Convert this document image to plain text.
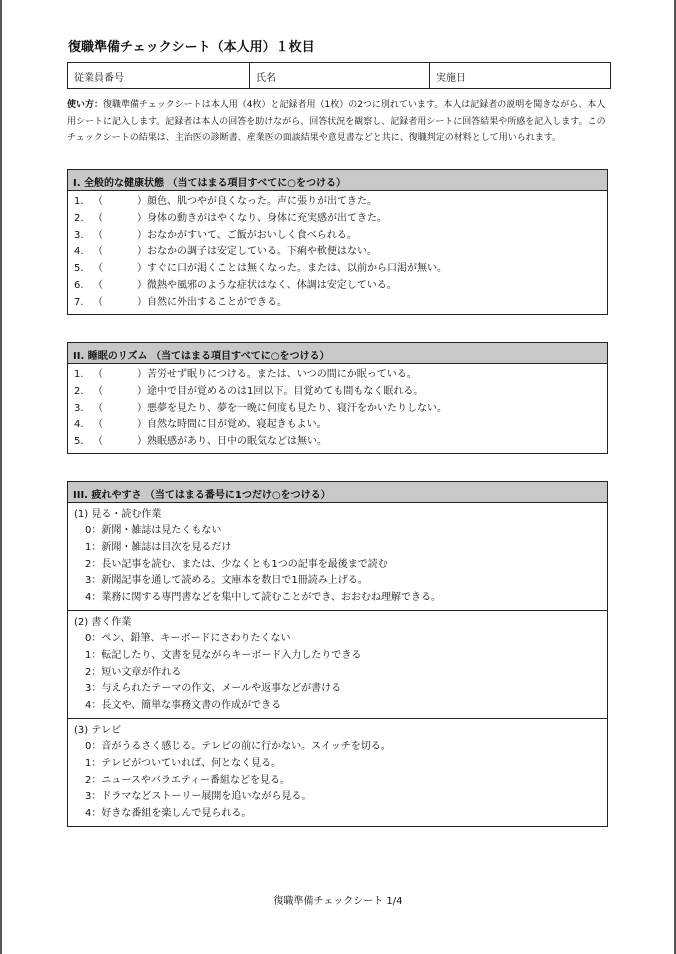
復職準備チェックシート（本人用）１枚目
従業員番号	氏名	実施日
使い方：復職準備チェックシートは本人用（4枚）と記録者用（1枚）の2つに別れています。本人は記録者の説明を聞きながら、本人用シートに記入します。記録者は本人の回答を助けながら、回答状況を観察し、記録者用シートに回答結果や所感を記入します。このチェックシートの結果は、主治医の診断書、産業医の面談結果や意見書などと共に、復職判定の材料として用いられます。
I. 全般的な健康状態 （当てはまる項目すべてに○をつける）
1. （	）顔色、肌つやが良くなった。声に張りが出てきた。
2. （	）身体の動きがはやくなり、身体に充実感が出てきた。
3. （	）おなかがすいて、ご飯がおいしく食べられる。
4. （	）おなかの調子は安定している。下痢や軟便はない。
5. （	）すぐに口が渇くことは無くなった。または、以前から口渇が無い。
6. （	）微熱や風邪のような症状はなく、体調は安定している。
7. （	）自然に外出することができる。
II. 睡眠のリズム （当てはまる項目すべてに○をつける）
1. （	）苦労せず眠りにつける。または、いつの間にか眠っている。
2. （	）途中で目が覚めるのは1回以下。目覚めても間もなく眠れる。
3. （	）悪夢を見たり、夢を一晩に何度も見たり、寝汗をかいたりしない。
4. （	）自然な時間に目が覚め、寝起きもよい。
5. （	）熟眠感があり、日中の眠気などは無い。
III. 疲れやすさ （当てはまる番号に1つだけ○をつける）
(1) 見る・読む作業
0：新聞・雑誌は見たくもない
1：新聞・雑誌は目次を見るだけ
2：長い記事を読む、または、少なくとも1つの記事を最後まで読む
3：新聞記事を通して読める。文庫本を数日で1冊読み上げる。
4：業務に関する専門書などを集中して読むことができ、おおむね理解できる。
(2) 書く作業
0：ペン、鉛筆、キーボードにさわりたくない
1：転記したり、文書を見ながらキーボード入力したりできる
2：短い文章が作れる
3：与えられたテーマの作文、メールや返事などが書ける
4：長文や、簡単な事務文書の作成ができる
(3) テレビ
0：音がうるさく感じる。テレビの前に行かない。スイッチを切る。
1：テレビがついていれば、何となく見る。
2：ニュースやバラエティー番組などを見る。
3：ドラマなどストーリー展開を追いながら見る。
4：好きな番組を楽しんで見られる。
復職準備チェックシート 1/4
